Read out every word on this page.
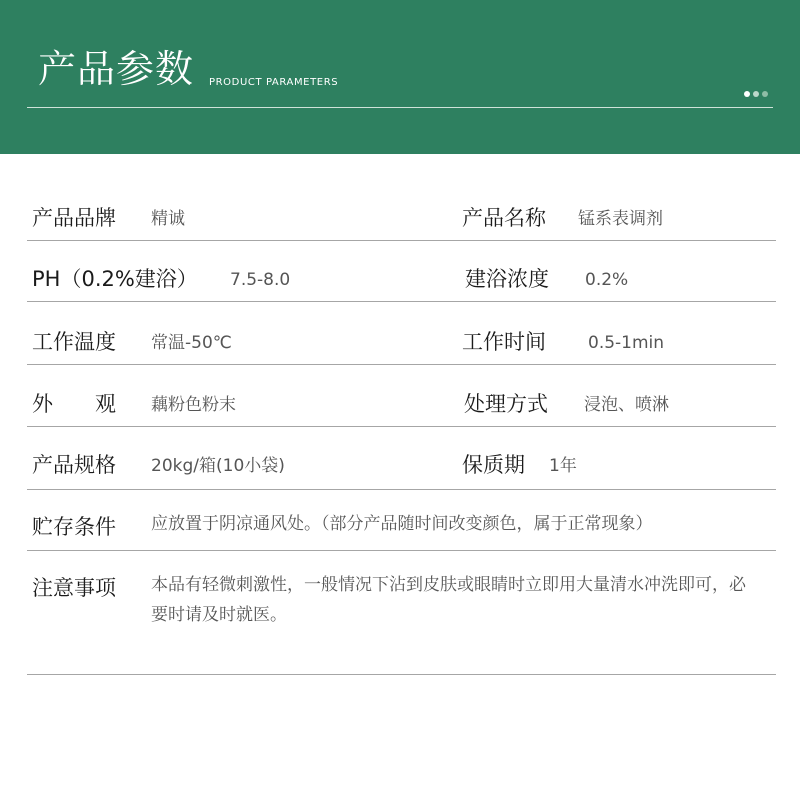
产品参数 PRODUCT PARAMETERS
产品品牌 精诚	产品名称 锰系表调剂
PH（0.2%建浴） 7.5-8.0	建浴浓度 0.2%
工作温度 常温-50℃	工作时间 0.5-1min
外　　观 藕粉色粉末	处理方式 浸泡、喷淋
产品规格 20kg/箱(10小袋)	保质期 1年
贮存条件 应放置于阴凉通风处。（部分产品随时间改变颜色，属于正常现象）
注意事项 本品有轻微刺激性，一般情况下沾到皮肤或眼睛时立即用大量清水冲洗即可，必要时请及时就医。
